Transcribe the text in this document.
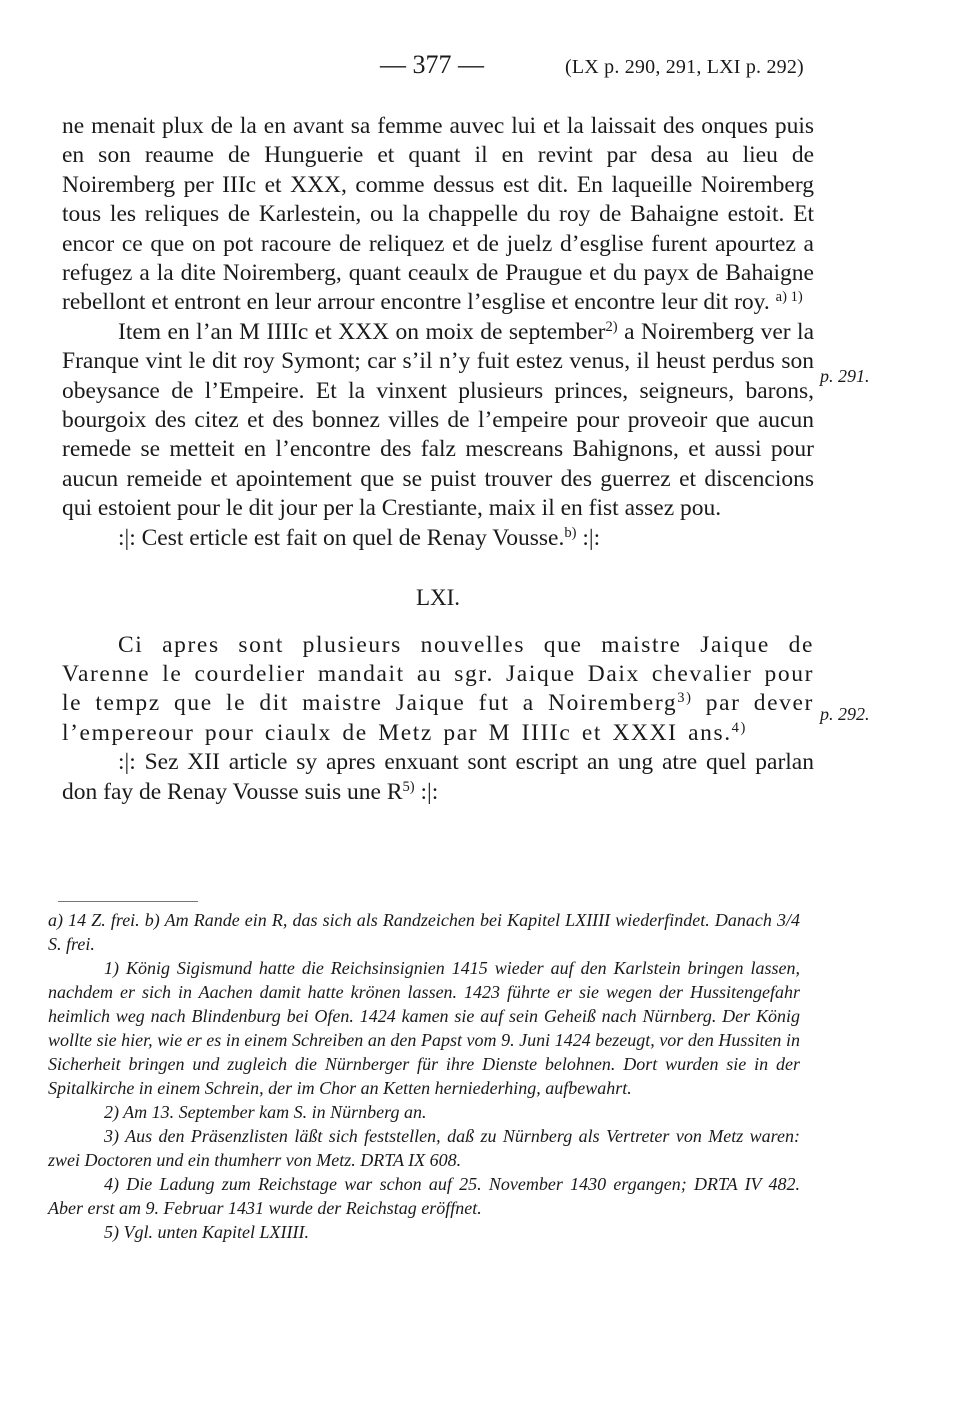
— 377 —	(LX p. 290, 291, LXI p. 292)
p. 291.
p. 292.

ne menait plux de la en avant sa femme auvec lui et la laissait des onques puis en son reaume de Hunguerie et quant il en revint par desa au lieu de Noiremberg per IIIc et XXX, comme dessus est dit. En laqueille Noiremberg tous les reliques de Karlestein, ou la chappelle du roy de Bahaigne estoit. Et encor ce que on pot racoure de reliquez et de juelz d’esglise furent apourtez a refugez a la dite Noiremberg, quant ceaulx de Praugue et du payx de Bahaigne rebellont et entront en leur arrour encontre l’esglise et encontre leur dit roy. $^{a) 1)}$

Item en l’an M IIIIc et XXX on moix de september$^{2)}$ a Noiremberg ver la Franque vint le dit roy Symont; car s’il n’y fuit estez venus, il heust perdus son obeysance de l’Empeire. Et la vinxent plusieurs princes, seigneurs, barons, bourgoix des citez et des bonnez villes de l’empeire pour proveoir que aucun remede se metteit en l’encontre des falz mescreans Bahignons, et aussi pour aucun remeide et apointement que se puist trouver des guerrez et discencions qui estoient pour le dit jour per la Crestiante, maix il en fist assez pou.

:|: Cest erticle est fait on quel de Renay Vousse.$^{b)}$ :|:

LXI.

Ci apres sont plusieurs nouvelles que maistre Jaique de Varenne le courdelier mandait au sgr. Jaique Daix chevalier pour le tempz que le dit maistre Jaique fut a Noiremberg$^{3)}$ par dever l’empereour pour ciaulx de Metz par M IIIIc et XXXI ans.$^{4)}$

:|: Sez XII article sy apres enxuant sont escript an ung atre quel parlan don fay de Renay Vousse suis une $R^{5)}$ :|:

a) 14 Z. frei. b) Am Rande ein R, das sich als Randzeichen bei Kapitel LXIIII wiederfindet. Danach 3/4 S. frei.

1) König Sigismund hatte die Reichsinsignien 1415 wieder auf den Karlstein bringen lassen, nachdem er sich in Aachen damit hatte krönen lassen. 1423 führte er sie wegen der Hussitengefahr heimlich weg nach Blindenburg bei Ofen. 1424 kamen sie auf sein Geheiß nach Nürnberg. Der König wollte sie hier, wie er es in einem Schreiben an den Papst vom 9. Juni 1424 bezeugt, vor den Hussiten in Sicherheit bringen und zugleich die Nürnberger für ihre Dienste belohnen. Dort wurden sie in der Spitalkirche in einem Schrein, der im Chor an Ketten herniederhing, aufbewahrt.

2) Am 13. September kam S. in Nürnberg an.

3) Aus den Präsenzlisten läßt sich feststellen, daß zu Nürnberg als Vertreter von Metz waren: zwei Doctoren und ein thumherr von Metz. DRTA IX 608.

4) Die Ladung zum Reichstage war schon auf 25. November 1430 ergangen; DRTA IV 482. Aber erst am 9. Februar 1431 wurde der Reichstag eröffnet.

5) Vgl. unten Kapitel LXIIII.
